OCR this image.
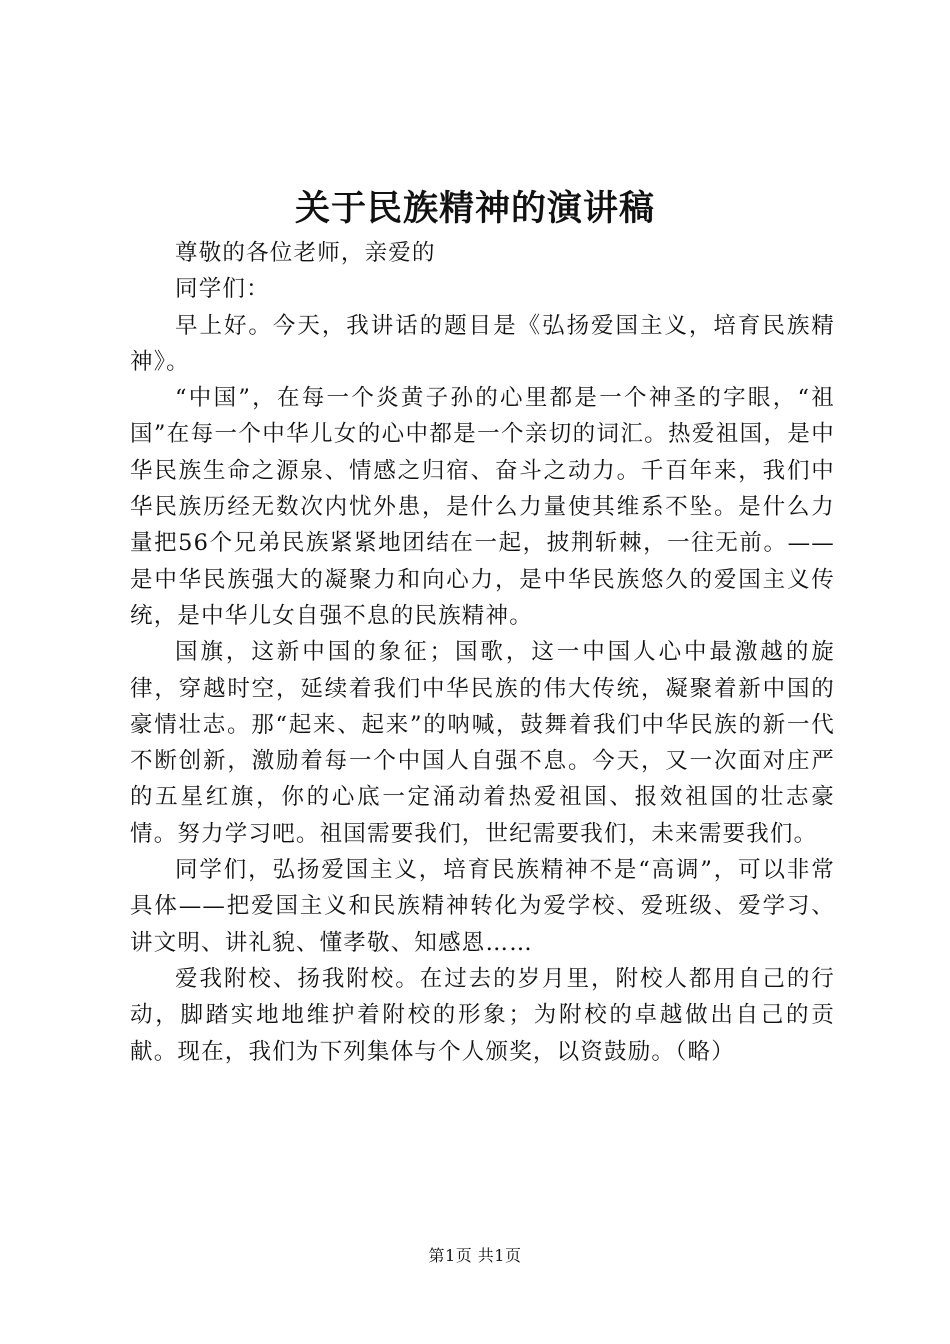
关于民族精神的演讲稿

尊敬的各位老师，亲爱的

同学们：

早上好。今天，我讲话的题目是《弘扬爱国主义，培育民族精神》。

“中国”，在每一个炎黄子孙的心里都是一个神圣的字眼，“祖国”在每一个中华儿女的心中都是一个亲切的词汇。热爱祖国，是中华民族生命之源泉、情感之归宿、奋斗之动力。千百年来，我们中华民族历经无数次内忧外患，是什么力量使其维系不坠。是什么力量把56个兄弟民族紧紧地团结在一起，披荆斩棘，一往无前。——是中华民族强大的凝聚力和向心力，是中华民族悠久的爱国主义传统，是中华儿女自强不息的民族精神。

国旗，这新中国的象征；国歌，这一中国人心中最激越的旋律，穿越时空，延续着我们中华民族的伟大传统，凝聚着新中国的豪情壮志。那“起来、起来”的呐喊，鼓舞着我们中华民族的新一代不断创新，激励着每一个中国人自强不息。今天，又一次面对庄严的五星红旗，你的心底一定涌动着热爱祖国、报效祖国的壮志豪情。努力学习吧。祖国需要我们，世纪需要我们，未来需要我们。

同学们，弘扬爱国主义，培育民族精神不是“高调”，可以非常具体——把爱国主义和民族精神转化为爱学校、爱班级、爱学习、讲文明、讲礼貌、懂孝敬、知感恩……

爱我附校、扬我附校。在过去的岁月里，附校人都用自己的行动，脚踏实地地维护着附校的形象；为附校的卓越做出自己的贡献。现在，我们为下列集体与个人颁奖，以资鼓励。（略）

第1页 共1页
